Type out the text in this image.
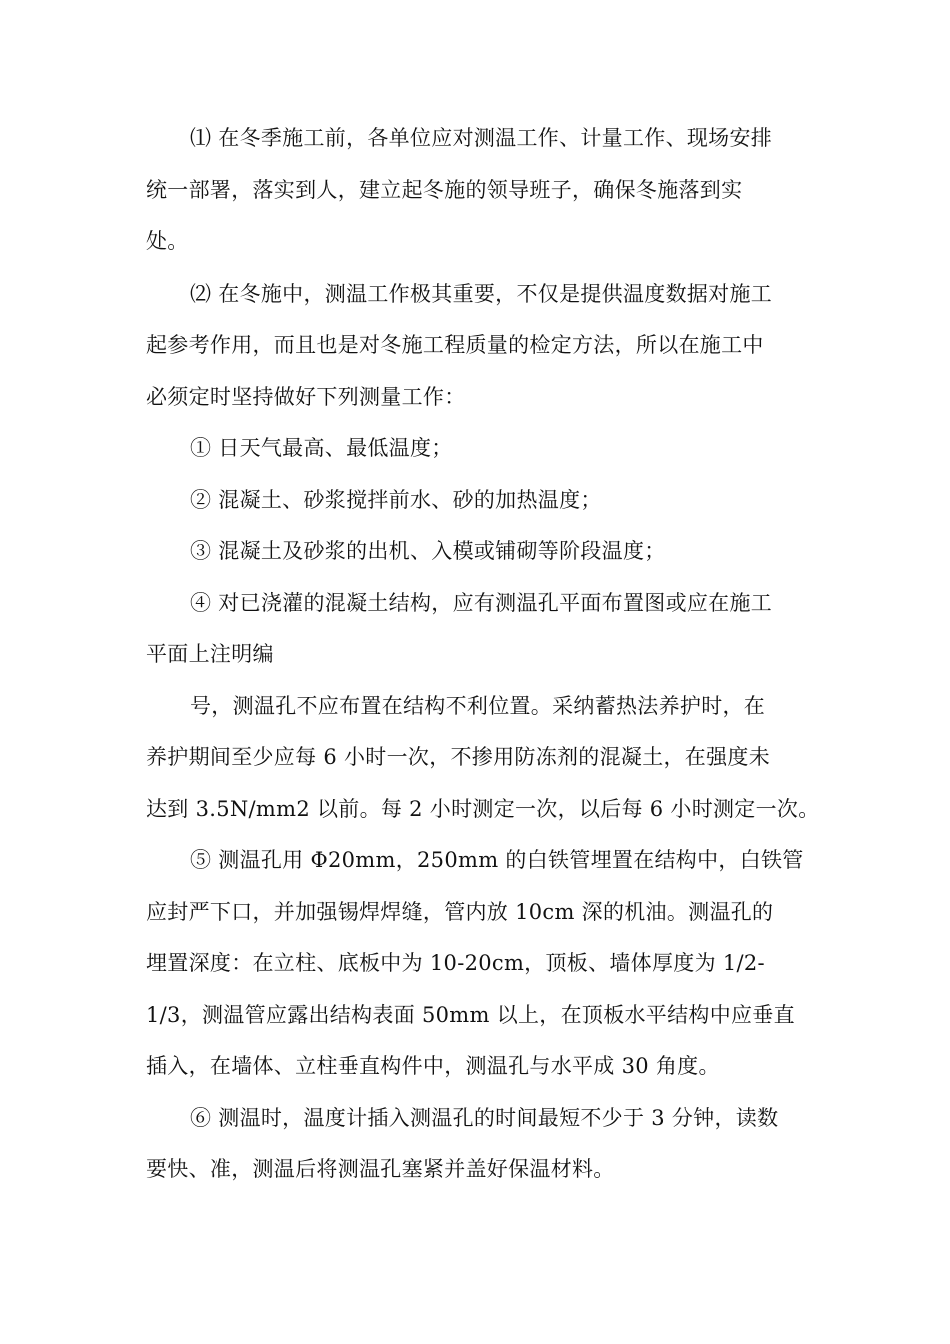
⑴ 在冬季施工前，各单位应对测温工作、计量工作、现场安排
统一部署，落实到人，建立起冬施的领导班子，确保冬施落到实
处。
⑵ 在冬施中，测温工作极其重要，不仅是提供温度数据对施工
起参考作用，而且也是对冬施工程质量的检定方法，所以在施工中
必须定时坚持做好下列测量工作：
① 日天气最高、最低温度；
② 混凝土、砂浆搅拌前水、砂的加热温度；
③ 混凝土及砂浆的出机、入模或铺砌等阶段温度；
④ 对已浇灌的混凝土结构，应有测温孔平面布置图或应在施工
平面上注明编
号，测温孔不应布置在结构不利位置。采纳蓄热法养护时，在
养护期间至少应每 6 小时一次，不掺用防冻剂的混凝土，在强度未
达到 3.5N/mm2 以前。每 2 小时测定一次，以后每 6 小时测定一次。
⑤ 测温孔用 Φ20mm，250mm 的白铁管埋置在结构中，白铁管
应封严下口，并加强锡焊焊缝，管内放 10cm 深的机油。测温孔的
埋置深度：在立柱、底板中为 10-20cm，顶板、墙体厚度为 1/2-
1/3，测温管应露出结构表面 50mm 以上，在顶板水平结构中应垂直
插入，在墙体、立柱垂直构件中，测温孔与水平成 30 角度。
⑥ 测温时，温度计插入测温孔的时间最短不少于 3 分钟，读数
要快、准，测温后将测温孔塞紧并盖好保温材料。
